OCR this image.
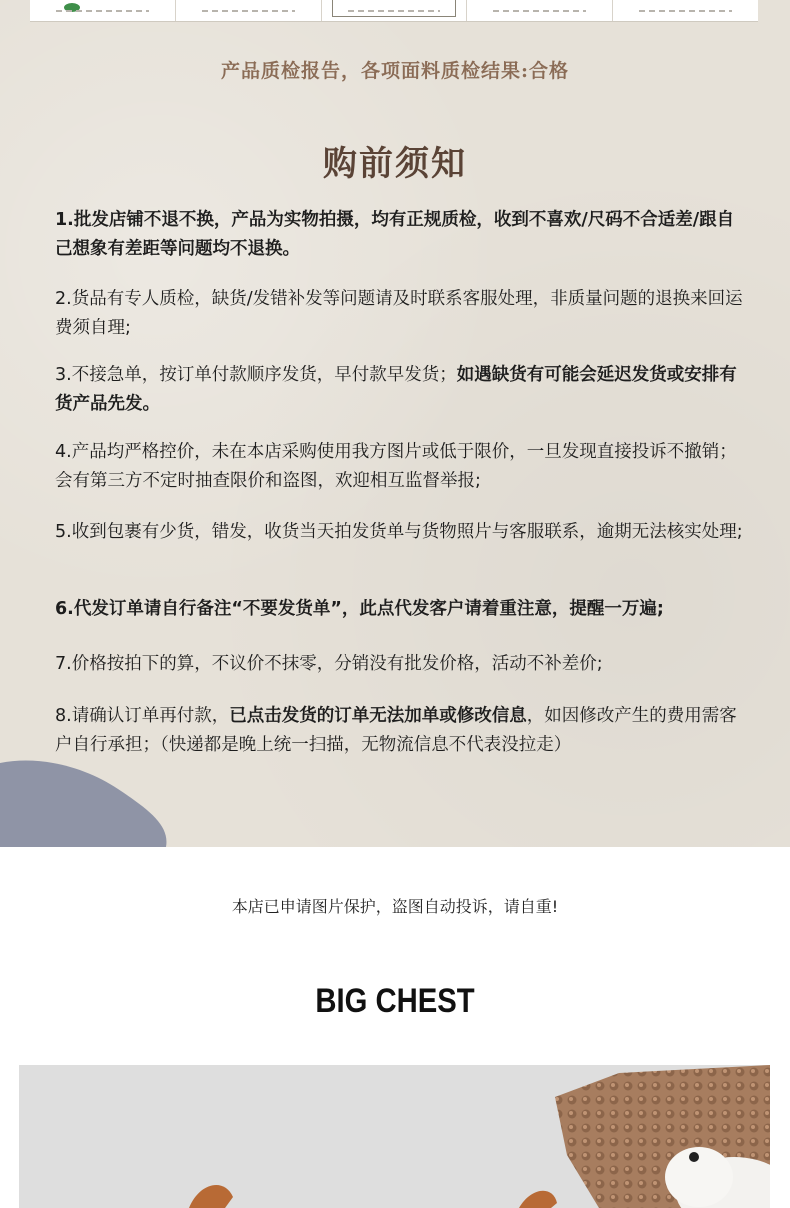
产品质检报告，各项面料质检结果:合格
购前须知
1.批发店铺不退不换，产品为实物拍摄，均有正规质检，收到不喜欢/尺码不合适差/跟自己想象有差距等问题均不退换。
2.货品有专人质检，缺货/发错补发等问题请及时联系客服处理，非质量问题的退换来回运费须自理;
3.不接急单，按订单付款顺序发货，早付款早发货；如遇缺货有可能会延迟发货或安排有货产品先发。
4.产品均严格控价，未在本店采购使用我方图片或低于限价，一旦发现直接投诉不撤销；会有第三方不定时抽查限价和盗图，欢迎相互监督举报;
5.收到包裹有少货，错发，收货当天拍发货单与货物照片与客服联系，逾期无法核实处理;
6.代发订单请自行备注“不要发货单”，此点代发客户请着重注意，提醒一万遍;
7.价格按拍下的算，不议价不抹零，分销没有批发价格，活动不补差价;
8.请确认订单再付款，已点击发货的订单无法加单或修改信息，如因修改产生的费用需客户自行承担；（快递都是晚上统一扫描，无物流信息不代表没拉走）
本店已申请图片保护，盗图自动投诉，请自重!
BIG CHEST
